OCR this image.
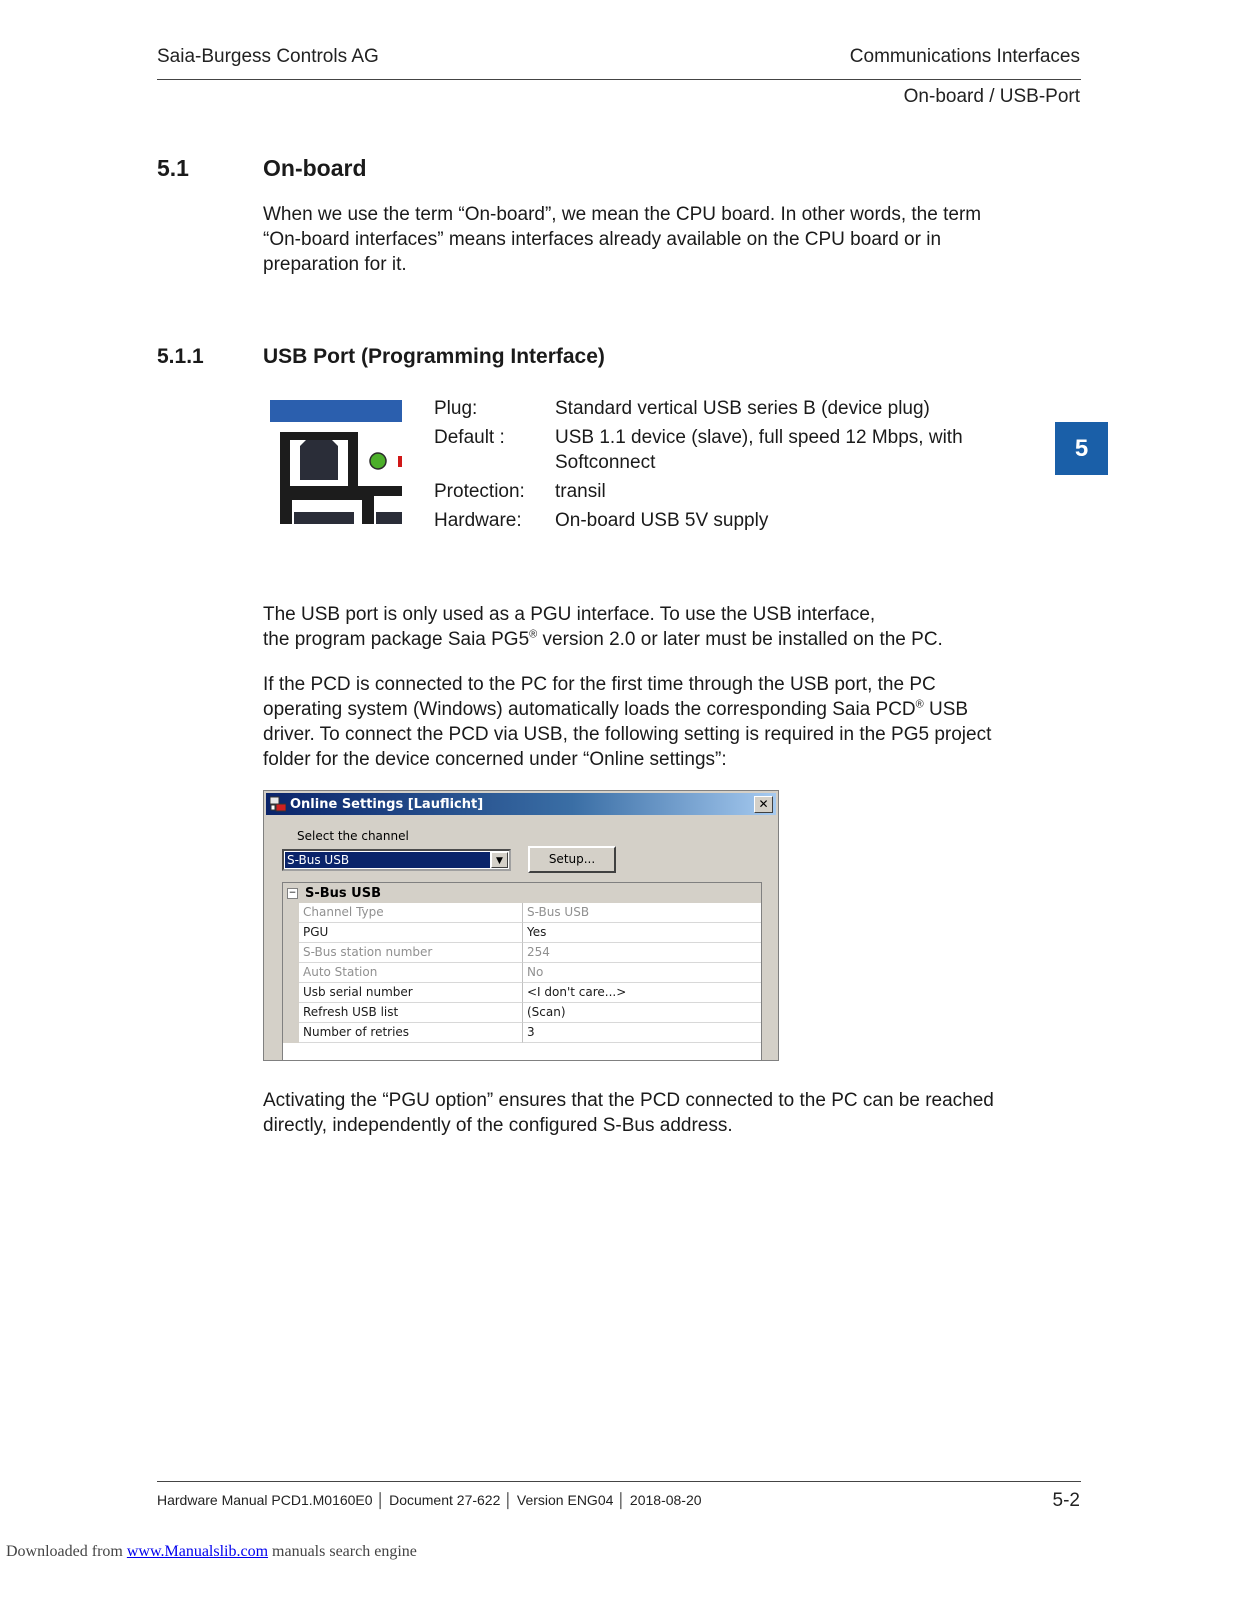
Saia-Burgess Controls AG	Communications Interfaces
On-board / USB-Port
5.1	On-board
When we use the term “On-board”, we mean the CPU board. In other words, the term “On-board interfaces” means interfaces already available on the CPU board or in preparation for it.
5.1.1	USB Port (Programming Interface)
Plug:	Standard vertical USB series B (device plug)
Default :	USB 1.1 device (slave), full speed 12 Mbps, with Softconnect
Protection:	transil
Hardware:	On-board USB 5V supply
5

The USB port is only used as a PGU interface. To use the USB interface,

the program package Saia PG5® version 2.0 or later must be installed on the PC.

If the PCD is connected to the PC for the first time through the USB port, the PC operating system (Windows) automatically loads the corresponding Saia PCD® USB driver. To connect the PCD via USB, the following setting is required in the PG5 project folder for the device concerned under “Online settings”:

Online Settings [Lauflicht]	✕
Select the channel
S-Bus USB	▼	Setup...
− S-Bus USB
Channel Type	S-Bus USB
PGU	Yes
S-Bus station number	254
Auto Station	No
Usb serial number	<I don't care...>
Refresh USB list	(Scan)
Number of retries	3
Activating the “PGU option” ensures that the PCD connected to the PC can be reached directly, independently of the configured S-Bus address.
Hardware Manual PCD1.M0160E0 │ Document 27-622 │ Version ENG04 │ 2018-08-20	5-2
Downloaded from www.Manualslib.com manuals search engine
